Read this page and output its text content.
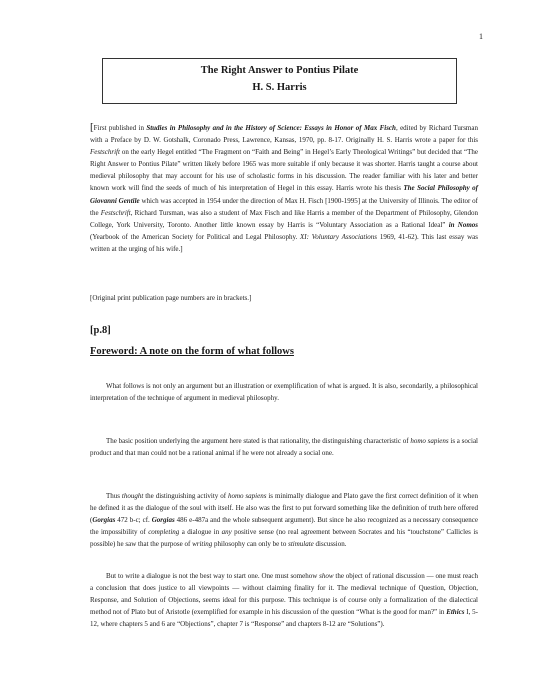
1
The Right Answer to Pontius Pilate
H. S. Harris
[First published in Studies in Philosophy and in the History of Science: Essays in Honor of Max Fisch, edited by Richard Tursman with a Preface by D. W. Gotshalk, Coronado Press, Lawrence, Kansas, 1970, pp. 8-17. Originally H. S. Harris wrote a paper for this Festschrift on the early Hegel entitled “The Fragment on “Faith and Being” in Hegel’s Early Theological Writings” but decided that “The Right Answer to Pontius Pilate” written likely before 1965 was more suitable if only because it was shorter. Harris taught a course about medieval philosophy that may account for his use of scholastic forms in his discussion. The reader familiar with his later and better known work will find the seeds of much of his interpretation of Hegel in this essay. Harris wrote his thesis The Social Philosophy of Giovanni Gentile which was accepted in 1954 under the direction of Max H. Fisch [1900-1995] at the University of Illinois. The editor of the Festschrift, Richard Tursman, was also a student of Max Fisch and like Harris a member of the Department of Philosophy, Glendon College, York University, Toronto. Another little known essay by Harris is “Voluntary Association as a Rational Ideal” in Nomos (Yearbook of the American Society for Political and Legal Philosophy. XI: Voluntary Associations 1969, 41-62). This last essay was written at the urging of his wife.]
[Original print publication page numbers are in brackets.]
[p.8]
Foreword: A note on the form of what follows
What follows is not only an argument but an illustration or exemplification of what is argued. It is also, secondarily, a philosophical interpretation of the technique of argument in medieval philosophy.
The basic position underlying the argument here stated is that rationality, the distinguishing characteristic of homo sapiens is a social product and that man could not be a rational animal if he were not already a social one.
Thus thought the distinguishing activity of homo sapiens is minimally dialogue and Plato gave the first correct definition of it when he defined it as the dialogue of the soul with itself. He also was the first to put forward something like the definition of truth here offered (Gorgias 472 b-c; cf. Gorgias 486 e-487a and the whole subsequent argument). But since he also recognized as a necessary consequence the impossibility of completing a dialogue in any positive sense (no real agreement between Socrates and his “touchstone” Callicles is possible) he saw that the purpose of writing philosophy can only be to stimulate discussion.
But to write a dialogue is not the best way to start one. One must somehow show the object of rational discussion — one must reach a conclusion that does justice to all viewpoints — without claiming finality for it. The medieval technique of Question, Objection, Response, and Solution of Objections, seems ideal for this purpose. This technique is of course only a formalization of the dialectical method not of Plato but of Aristotle (exemplified for example in his discussion of the question “What is the good for man?” in Ethics I, 5-12, where chapters 5 and 6 are “Objections”, chapter 7 is “Response” and chapters 8-12 are “Solutions”).
